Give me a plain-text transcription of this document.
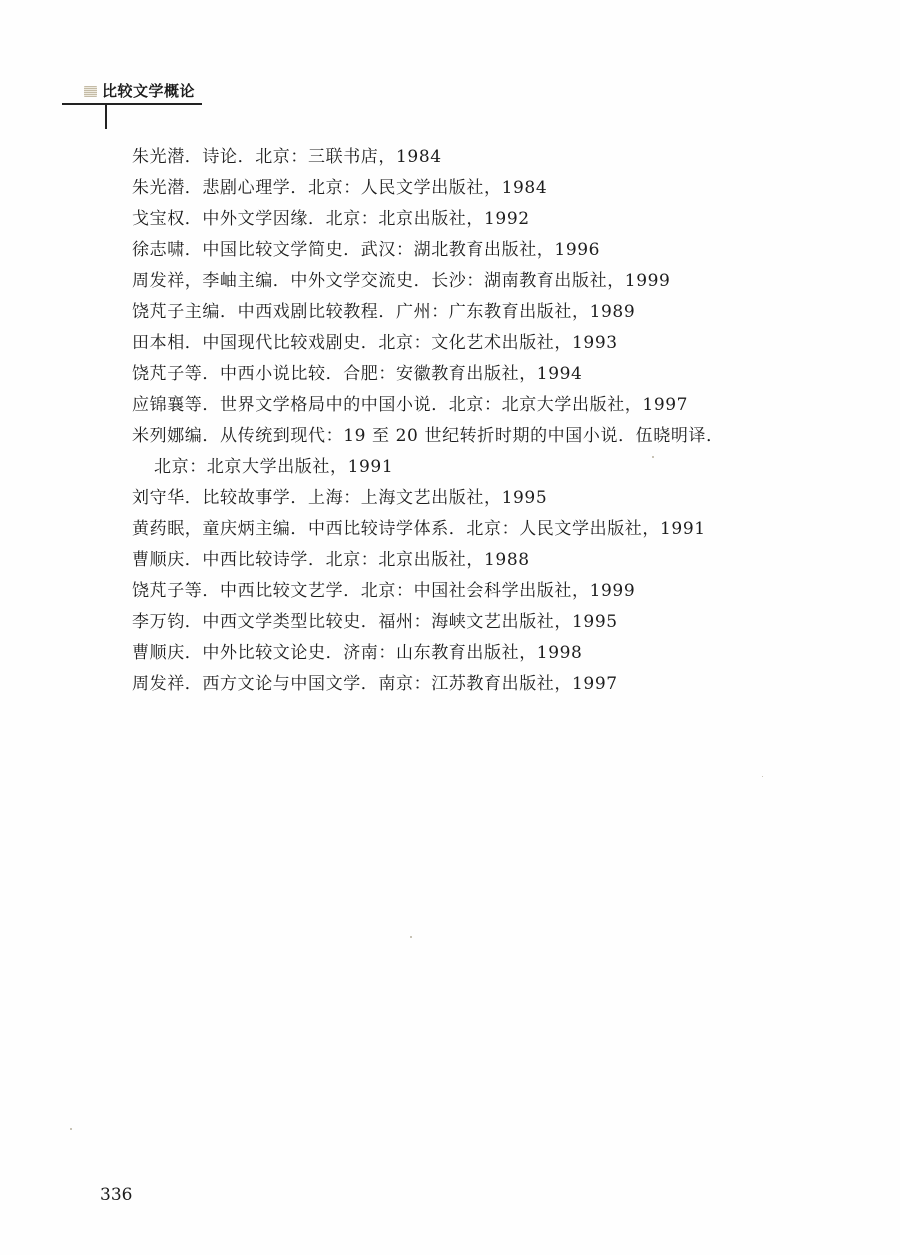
比较文学概论
朱光潜．诗论．北京：三联书店，1984
朱光潜．悲剧心理学．北京：人民文学出版社，1984
戈宝权．中外文学因缘．北京：北京出版社，1992
徐志啸．中国比较文学简史．武汉：湖北教育出版社，1996
周发祥，李岫主编．中外文学交流史．长沙：湖南教育出版社，1999
饶芃子主编．中西戏剧比较教程．广州：广东教育出版社，1989
田本相．中国现代比较戏剧史．北京：文化艺术出版社，1993
饶芃子等．中西小说比较．合肥：安徽教育出版社，1994
应锦襄等．世界文学格局中的中国小说．北京：北京大学出版社，1997
米列娜编．从传统到现代：19 至 20 世纪转折时期的中国小说．伍晓明译．
北京：北京大学出版社，1991
刘守华．比较故事学．上海：上海文艺出版社，1995
黄药眠，童庆炳主编．中西比较诗学体系．北京：人民文学出版社，1991
曹顺庆．中西比较诗学．北京：北京出版社，1988
饶芃子等．中西比较文艺学．北京：中国社会科学出版社，1999
李万钧．中西文学类型比较史．福州：海峡文艺出版社，1995
曹顺庆．中外比较文论史．济南：山东教育出版社，1998
周发祥．西方文论与中国文学．南京：江苏教育出版社，1997
336
